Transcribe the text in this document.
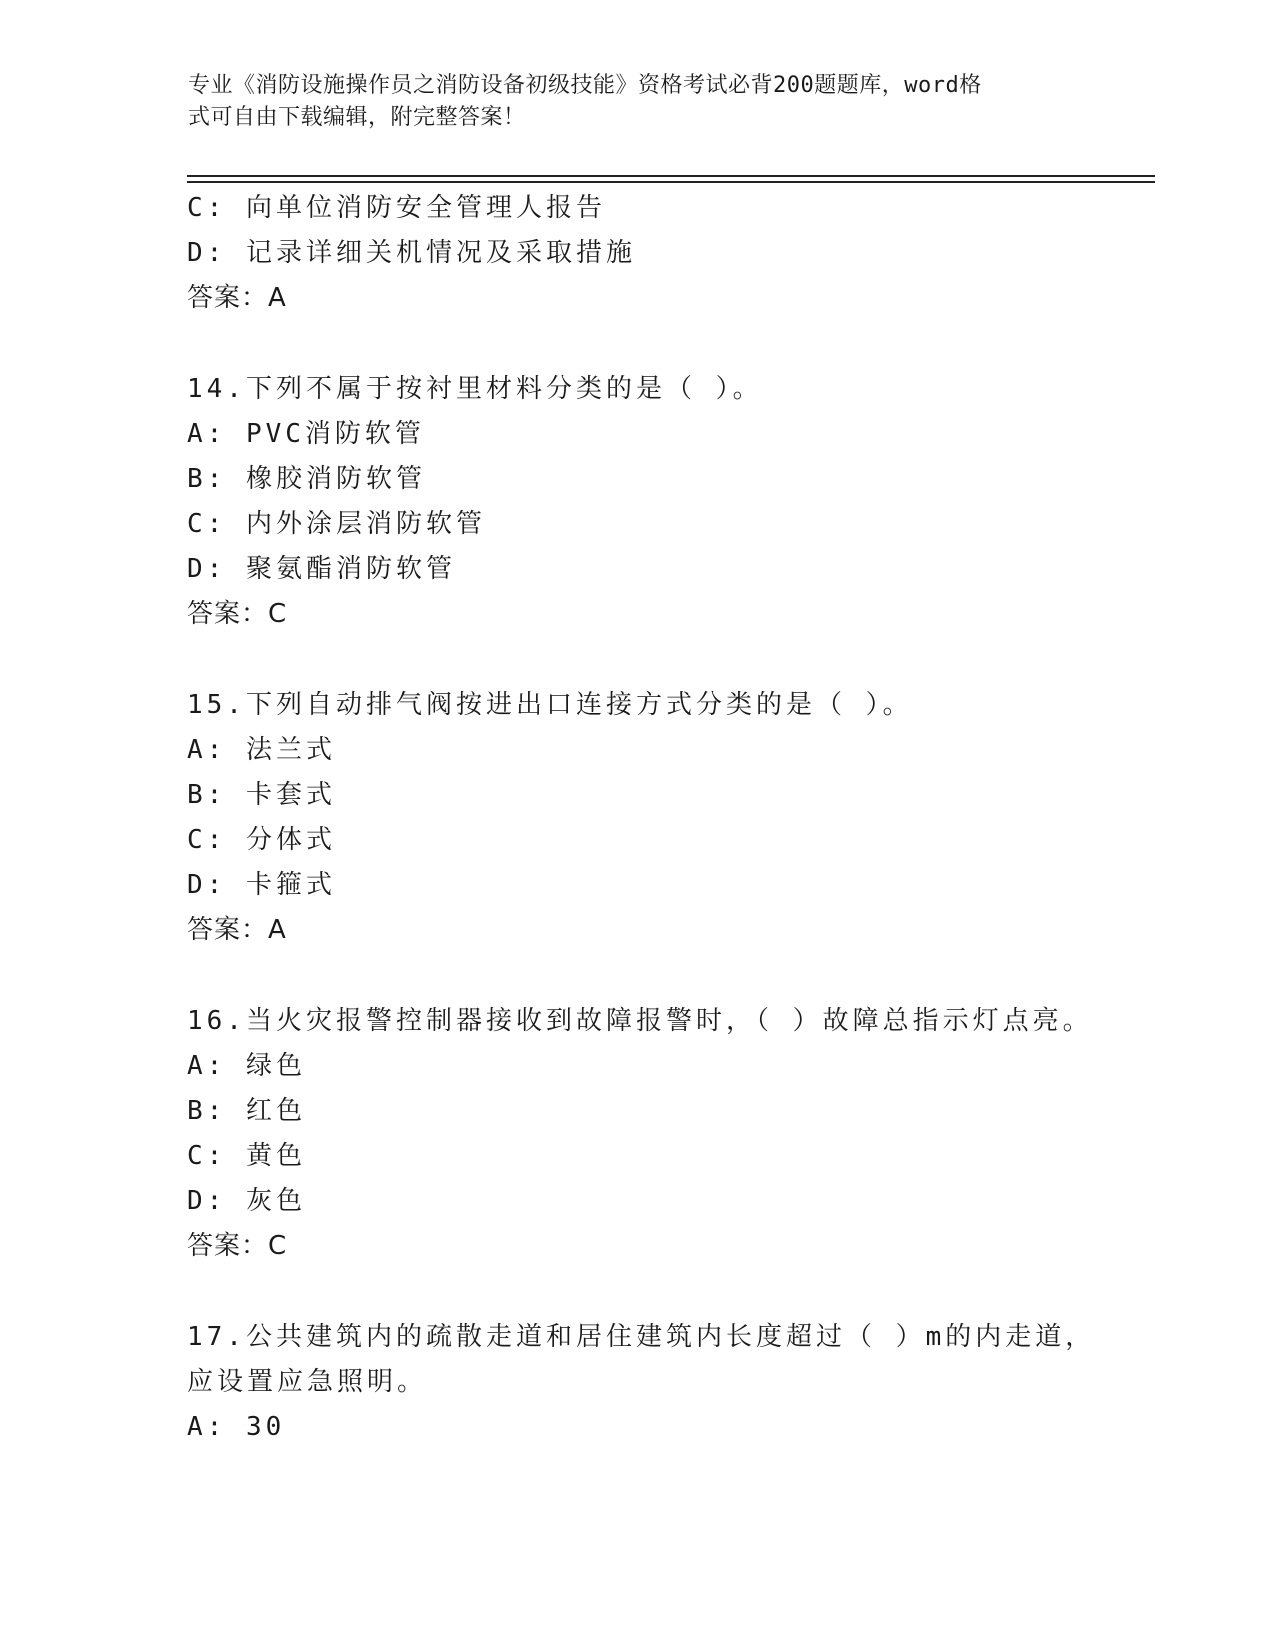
专业《消防设施操作员之消防设备初级技能》资格考试必背200题题库，word格
式可自由下载编辑，附完整答案！
C: 向单位消防安全管理人报告
D: 记录详细关机情况及采取措施
答案：A
14.下列不属于按衬里材料分类的是（ ）。
A: PVC消防软管
B: 橡胶消防软管
C: 内外涂层消防软管
D: 聚氨酯消防软管
答案：C
15.下列自动排气阀按进出口连接方式分类的是（ ）。
A: 法兰式
B: 卡套式
C: 分体式
D: 卡箍式
答案：A
16.当火灾报警控制器接收到故障报警时，（ ）故障总指示灯点亮。
A: 绿色
B: 红色
C: 黄色
D: 灰色
答案：C
17.公共建筑内的疏散走道和居住建筑内长度超过（ ）m的内走道，
应设置应急照明。
A: 30
